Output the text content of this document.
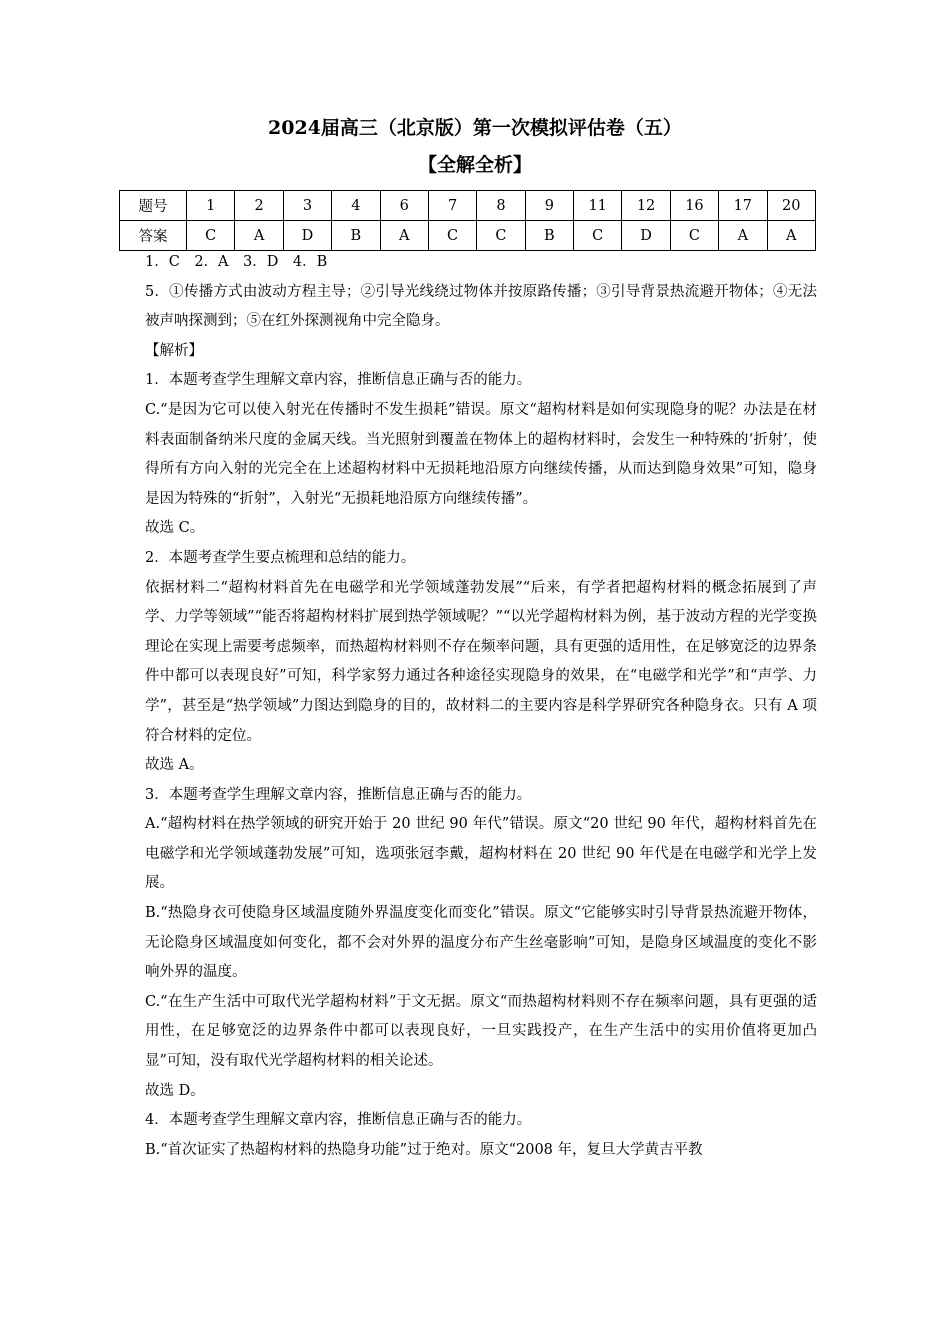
2024届高三（北京版）第一次模拟评估卷（五）
【全解全析】
题号	1	2	3	4	6	7	8	9	11	12	16	17	20
答案	C	A	D	B	A	C	C	B	C	D	C	A	A

1．C　2．A　3．D　4．B

5．①传播方式由波动方程主导；②引导光线绕过物体并按原路传播；③引导背景热流避开物体；④无法被声呐探测到；⑤在红外探测视角中完全隐身。

【解析】

1．本题考查学生理解文章内容，推断信息正确与否的能力。

C.“是因为它可以使入射光在传播时不发生损耗”错误。原文“超构材料是如何实现隐身的呢？办法是在材料表面制备纳米尺度的金属天线。当光照射到覆盖在物体上的超构材料时，会发生一种特殊的‘折射’，使得所有方向入射的光完全在上述超构材料中无损耗地沿原方向继续传播，从而达到隐身效果”可知，隐身是因为特殊的“折射”，入射光“无损耗地沿原方向继续传播”。

故选 C。

2．本题考查学生要点梳理和总结的能力。

依据材料二“超构材料首先在电磁学和光学领域蓬勃发展”“后来，有学者把超构材料的概念拓展到了声学、力学等领域”“能否将超构材料扩展到热学领域呢？”“以光学超构材料为例，基于波动方程的光学变换理论在实现上需要考虑频率，而热超构材料则不存在频率问题，具有更强的适用性，在足够宽泛的边界条件中都可以表现良好”可知，科学家努力通过各种途径实现隐身的效果，在“电磁学和光学”和“声学、力学”，甚至是“热学领域”力图达到隐身的目的，故材料二的主要内容是科学界研究各种隐身衣。只有 A 项符合材料的定位。

故选 A。

3．本题考查学生理解文章内容，推断信息正确与否的能力。

A.“超构材料在热学领域的研究开始于 20 世纪 90 年代”错误。原文“20 世纪 90 年代，超构材料首先在电磁学和光学领域蓬勃发展”可知，选项张冠李戴，超构材料在 20 世纪 90 年代是在电磁学和光学上发展。

B.“热隐身衣可使隐身区域温度随外界温度变化而变化”错误。原文“它能够实时引导背景热流避开物体，无论隐身区域温度如何变化，都不会对外界的温度分布产生丝毫影响”可知，是隐身区域温度的变化不影响外界的温度。

C.“在生产生活中可取代光学超构材料”于文无据。原文“而热超构材料则不存在频率问题，具有更强的适用性，在足够宽泛的边界条件中都可以表现良好，一旦实践投产，在生产生活中的实用价值将更加凸显”可知，没有取代光学超构材料的相关论述。

故选 D。

4．本题考查学生理解文章内容，推断信息正确与否的能力。

B.“首次证实了热超构材料的热隐身功能”过于绝对。原文“2008 年，复旦大学黄吉平教
